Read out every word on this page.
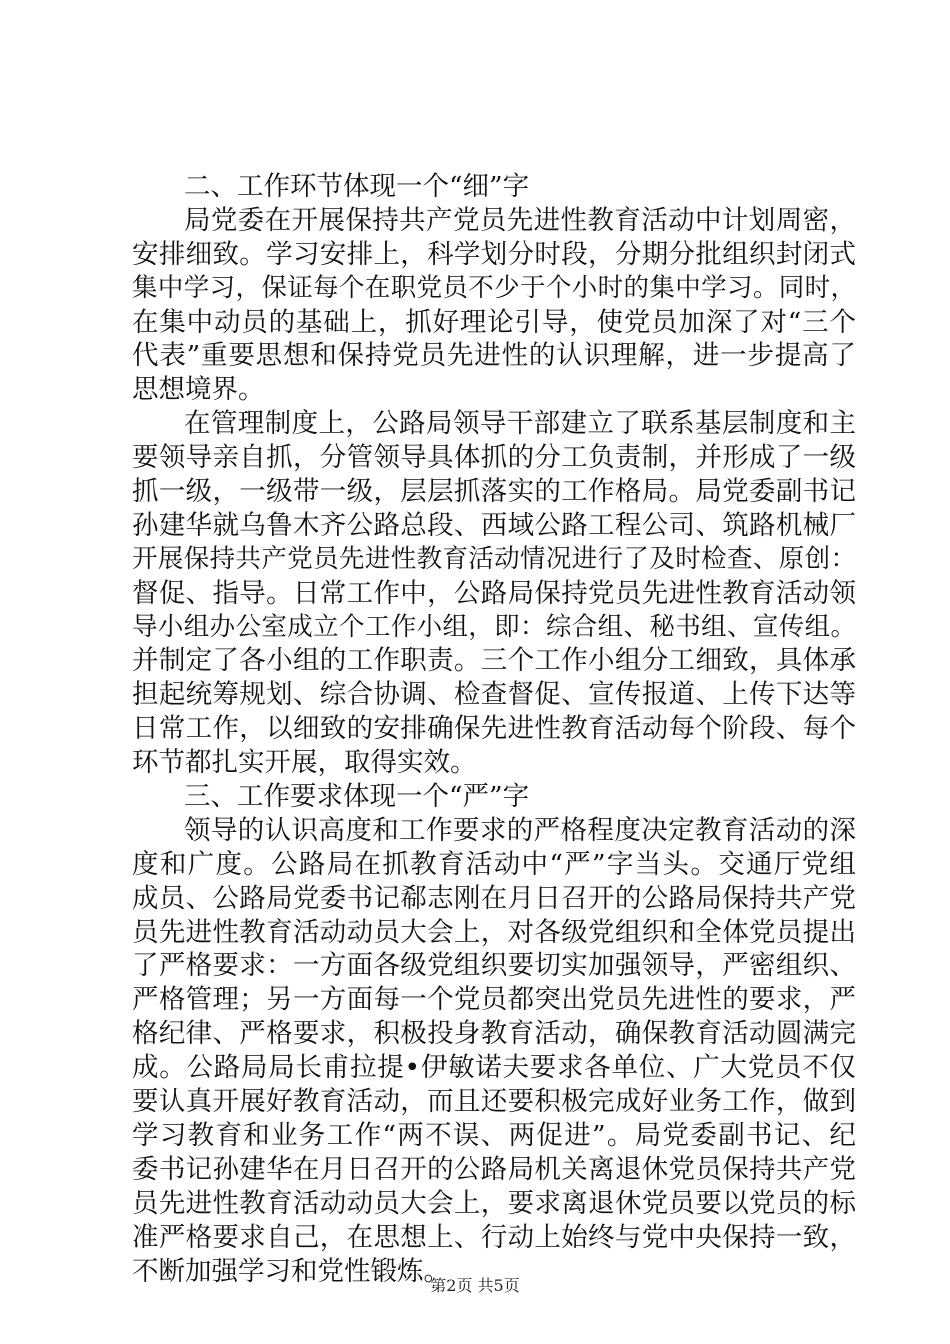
二、工作环节体现一个“细”字
局党委在开展保持共产党员先进性教育活动中计划周密，
安排细致。学习安排上，科学划分时段，分期分批组织封闭式
集中学习，保证每个在职党员不少于个小时的集中学习。同时，
在集中动员的基础上，抓好理论引导，使党员加深了对“三个
代表”重要思想和保持党员先进性的认识理解，进一步提高了
思想境界。
在管理制度上，公路局领导干部建立了联系基层制度和主
要领导亲自抓，分管领导具体抓的分工负责制，并形成了一级
抓一级，一级带一级，层层抓落实的工作格局。局党委副书记
孙建华就乌鲁木齐公路总段、西域公路工程公司、筑路机械厂
开展保持共产党员先进性教育活动情况进行了及时检查、原创：
督促、指导。日常工作中，公路局保持党员先进性教育活动领
导小组办公室成立个工作小组，即：综合组、秘书组、宣传组。
并制定了各小组的工作职责。三个工作小组分工细致，具体承
担起统筹规划、综合协调、检查督促、宣传报道、上传下达等
日常工作，以细致的安排确保先进性教育活动每个阶段、每个
环节都扎实开展，取得实效。
三、工作要求体现一个“严”字
领导的认识高度和工作要求的严格程度决定教育活动的深
度和广度。公路局在抓教育活动中“严”字当头。交通厅党组
成员、公路局党委书记郗志刚在月日召开的公路局保持共产党
员先进性教育活动动员大会上，对各级党组织和全体党员提出
了严格要求：一方面各级党组织要切实加强领导，严密组织、
严格管理；另一方面每一个党员都突出党员先进性的要求，严
格纪律、严格要求，积极投身教育活动，确保教育活动圆满完
成。公路局局长甫拉提•伊敏诺夫要求各单位、广大党员不仅
要认真开展好教育活动，而且还要积极完成好业务工作，做到
学习教育和业务工作“两不误、两促进”。局党委副书记、纪
委书记孙建华在月日召开的公路局机关离退休党员保持共产党
员先进性教育活动动员大会上，要求离退休党员要以党员的标
准严格要求自己，在思想上、行动上始终与党中央保持一致，
不断加强学习和党性锻炼。
第2页 共5页
